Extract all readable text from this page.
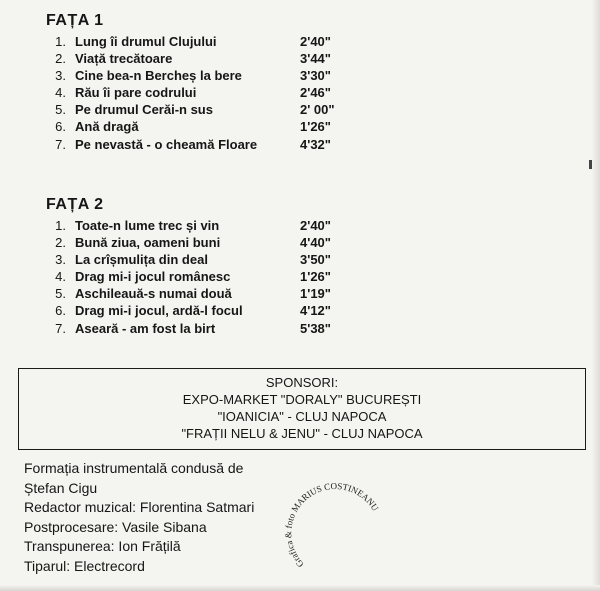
FAȚA 1
1. Lung îi drumul Clujului	2'40"
2. Viață trecătoare	3'44"
3. Cine bea-n Bercheș la bere	3'30"
4. Rău îi pare codrului	2'46"
5. Pe drumul Cerăi-n sus	2' 00"
6. Ană dragă	1'26"
7. Pe nevastă - o cheamă Floare	4'32"
FAȚA 2
1. Toate-n lume trec și vin	2'40"
2. Bună ziua, oameni buni	4'40"
3. La crîșmulița din deal	3'50"
4. Drag mi-i jocul românesc	1'26"
5. Aschileauă-s numai două	1'19"
6. Drag mi-i jocul, ardă-l focul	4'12"
7. Aseară - am fost la birt	5'38"
SPONSORI:
EXPO-MARKET "DORALY" BUCUREȘTI
"IOANICIA" - CLUJ NAPOCA
"FRAȚII NELU & JENU" - CLUJ NAPOCA
Formația instrumentală condusă de
Ștefan Cigu
Redactor muzical: Florentina Satmari
Postprocesare: Vasile Sibana
Transpunerea: Ion Frățilă
Tiparul: Electrecord	Grafica & foto MARIUS COSTINEANU
